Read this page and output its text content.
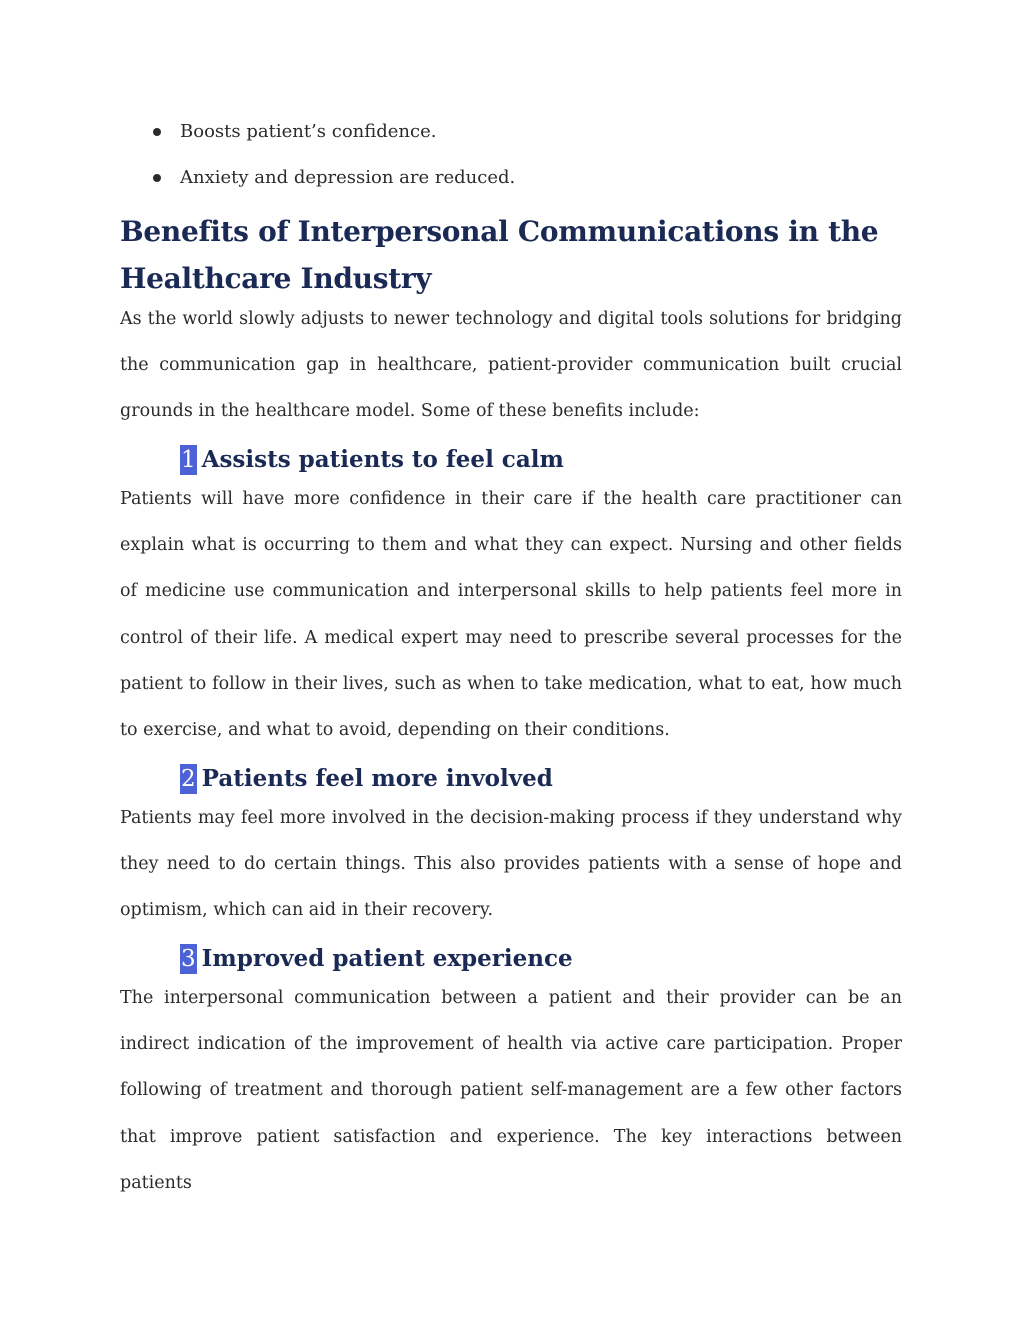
Boosts patient’s confidence.
Anxiety and depression are reduced.
Benefits of Interpersonal Communications in the Healthcare Industry

As the world slowly adjusts to newer technology and digital tools solutions for bridging the communication gap in healthcare, patient-provider communication built crucial grounds in the healthcare model. Some of these benefits include:

1 Assists patients to feel calm

Patients will have more confidence in their care if the health care practitioner can explain what is occurring to them and what they can expect. Nursing and other fields of medicine use communication and interpersonal skills to help patients feel more in control of their life. A medical expert may need to prescribe several processes for the patient to follow in their lives, such as when to take medication, what to eat, how much to exercise, and what to avoid, depending on their conditions.

2 Patients feel more involved

Patients may feel more involved in the decision-making process if they understand why they need to do certain things. This also provides patients with a sense of hope and optimism, which can aid in their recovery.

3 Improved patient experience

The interpersonal communication between a patient and their provider can be an indirect indication of the improvement of health via active care participation. Proper following of treatment and thorough patient self-management are a few other factors that improve patient satisfaction and experience. The key interactions between patients
